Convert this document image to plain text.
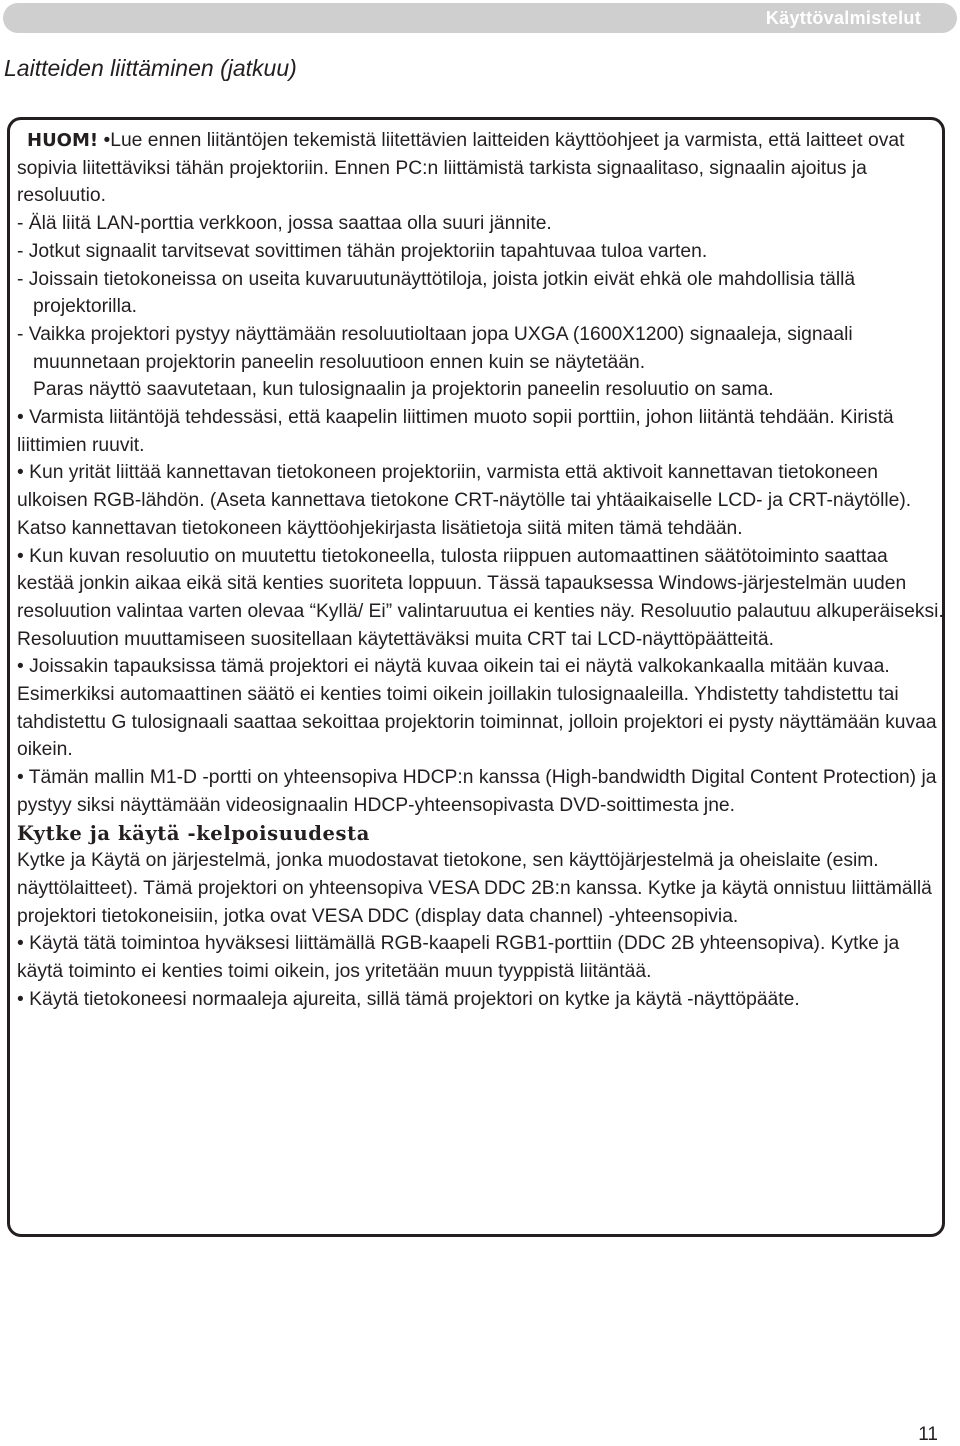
Käyttövalmistelut
Laitteiden liittäminen (jatkuu)

HUOM! •Lue ennen liitäntöjen tekemistä liitettävien laitteiden käyttöohjeet ja varmista, että laitteet ovat sopivia liitettäviksi tähän projektoriin. Ennen PC:n liittämistä tarkista signaalitaso, signaalin ajoitus ja resoluutio.

- Älä liitä LAN-porttia verkkoon, jossa saattaa olla suuri jännite.

- Jotkut signaalit tarvitsevat sovittimen tähän projektoriin tapahtuvaa tuloa varten.

- Joissain tietokoneissa on useita kuvaruutunäyttötiloja, joista jotkin eivät ehkä ole mahdollisia tällä projektorilla.

- Vaikka projektori pystyy näyttämään resoluutioltaan jopa UXGA (1600X1200) signaaleja, signaali muunnetaan projektorin paneelin resoluutioon ennen kuin se näytetään.

Paras näyttö saavutetaan, kun tulosignaalin ja projektorin paneelin resoluutio on sama.

• Varmista liitäntöjä tehdessäsi, että kaapelin liittimen muoto sopii porttiin, johon liitäntä tehdään. Kiristä liittimien ruuvit.

• Kun yrität liittää kannettavan tietokoneen projektoriin, varmista että aktivoit kannettavan tietokoneen ulkoisen RGB-lähdön. (Aseta kannettava tietokone CRT-näytölle tai yhtäaikaiselle LCD- ja CRT-näytölle). Katso kannettavan tietokoneen käyttöohjekirjasta lisätietoja siitä miten tämä tehdään.

• Kun kuvan resoluutio on muutettu tietokoneella, tulosta riippuen automaattinen säätötoiminto saattaa kestää jonkin aikaa eikä sitä kenties suoriteta loppuun. Tässä tapauksessa Windows-järjestelmän uuden resoluution valintaa varten olevaa “Kyllä/ Ei” valintaruutua ei kenties näy. Resoluutio palautuu alkuperäiseksi. Resoluution muuttamiseen suositellaan käytettäväksi muita CRT tai LCD-näyttöpäätteitä.

• Joissakin tapauksissa tämä projektori ei näytä kuvaa oikein tai ei näytä valkokankaalla mitään kuvaa. Esimerkiksi automaattinen säätö ei kenties toimi oikein joillakin tulosignaaleilla. Yhdistetty tahdistettu tai tahdistettu G tulosignaali saattaa sekoittaa projektorin toiminnat, jolloin projektori ei pysty näyttämään kuvaa oikein.

• Tämän mallin M1-D -portti on yhteensopiva HDCP:n kanssa (High-bandwidth Digital Content Protection) ja pystyy siksi näyttämään videosignaalin HDCP-yhteensopivasta DVD-soittimesta jne.

Kytke ja käytä -kelpoisuudesta

Kytke ja Käytä on järjestelmä, jonka muodostavat tietokone, sen käyttöjärjestelmä ja oheislaite (esim. näyttölaitteet). Tämä projektori on yhteensopiva VESA DDC 2B:n kanssa. Kytke ja käytä onnistuu liittämällä projektori tietokoneisiin, jotka ovat VESA DDC (display data channel) -yhteensopivia.

• Käytä tätä toimintoa hyväksesi liittämällä RGB-kaapeli RGB1-porttiin (DDC 2B yhteensopiva). Kytke ja käytä toiminto ei kenties toimi oikein, jos yritetään muun tyyppistä liitäntää.

• Käytä tietokoneesi normaaleja ajureita, sillä tämä projektori on kytke ja käytä -näyttöpääte.

11
